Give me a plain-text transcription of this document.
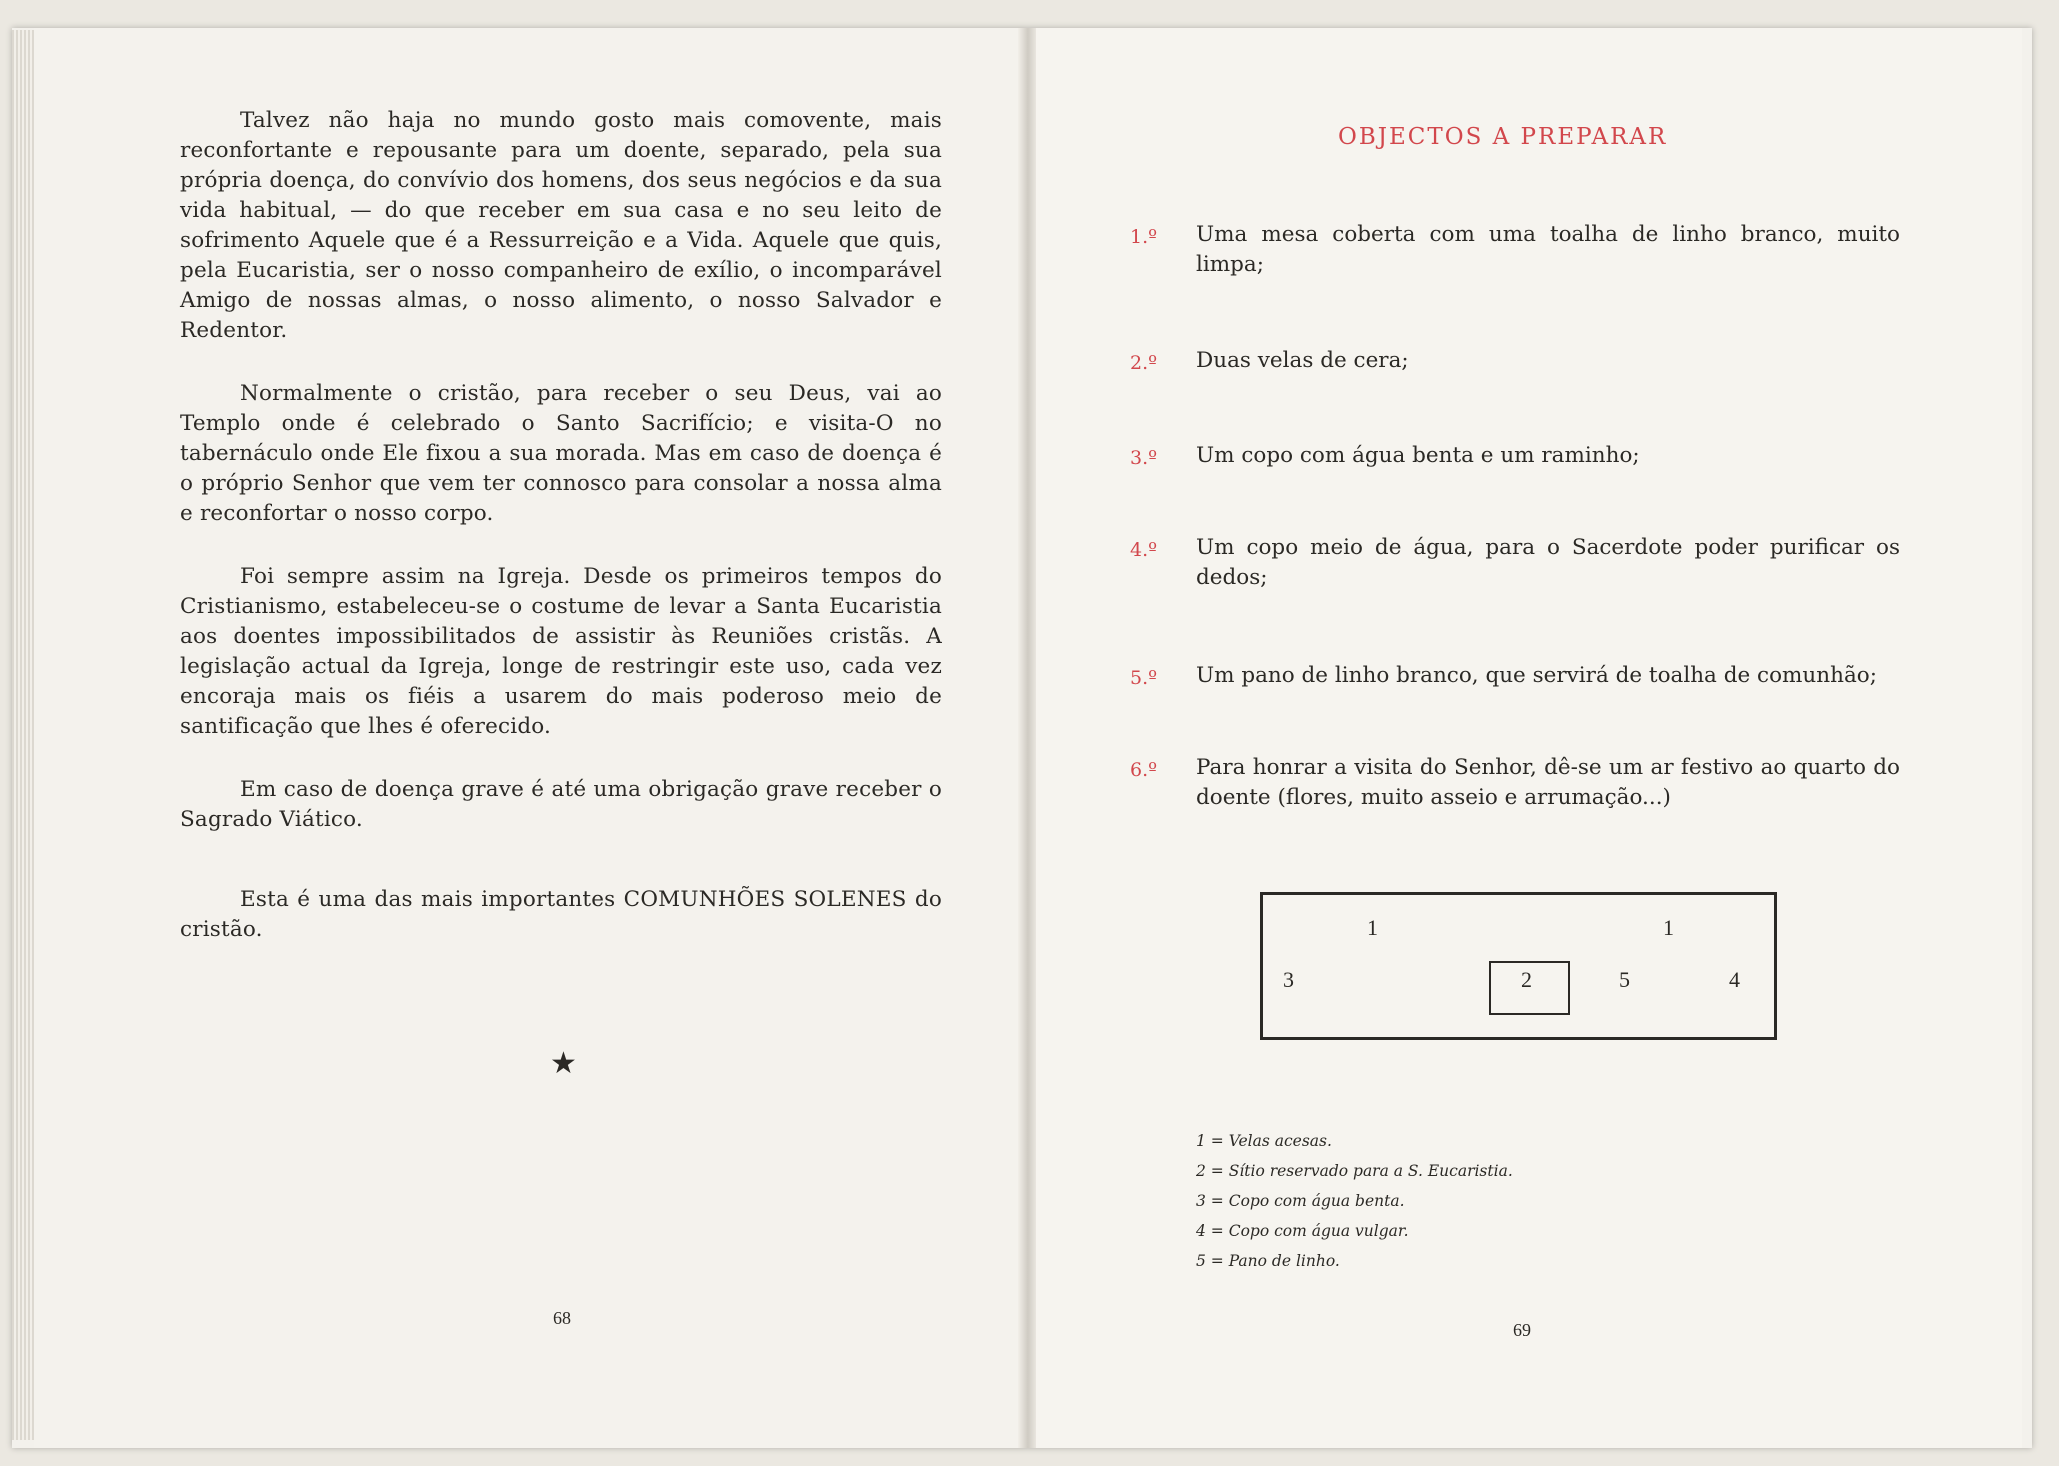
Talvez não haja no mundo gosto mais comovente, mais reconfortante e repousante para um doente, separado, pela sua própria doença, do convívio dos homens, dos seus negócios e da sua vida habitual, — do que receber em sua casa e no seu leito de sofrimento Aquele que é a Ressurreição e a Vida. Aquele que quis, pela Eucaristia, ser o nosso companheiro de exílio, o incomparável Amigo de nossas almas, o nosso alimento, o nosso Salvador e Redentor.

Normalmente o cristão, para receber o seu Deus, vai ao Templo onde é celebrado o Santo Sacrifício; e visita-O no tabernáculo onde Ele fixou a sua morada. Mas em caso de doença é o próprio Senhor que vem ter connosco para consolar a nossa alma e reconfortar o nosso corpo.

Foi sempre assim na Igreja. Desde os primeiros tempos do Cristianismo, estabeleceu-se o costume de levar a Santa Eucaristia aos doentes impossibilitados de assistir às Reuniões cristãs. A legislação actual da Igreja, longe de restringir este uso, cada vez encoraja mais os fiéis a usarem do mais poderoso meio de santificação que lhes é oferecido.

Em caso de doença grave é até uma obrigação grave receber o Sagrado Viático.

Esta é uma das mais importantes COMUNHÕES SOLENES do cristão.

★
68
OBJECTOS A PREPARAR
1.º Uma mesa coberta com uma toalha de linho branco, muito limpa;
2.º Duas velas de cera;
3.º Um copo com água benta e um raminho;
4.º Um copo meio de água, para o Sacerdote poder purificar os dedos;
5.º Um pano de linho branco, que servirá de toalha de comunhão;
6.º Para honrar a visita do Senhor, dê-se um ar festivo ao quarto do doente (flores, muito asseio e arrumação...)
1	1
3	2	5	4
1 = Velas acesas.
2 = Sítio reservado para a S. Eucaristia.
3 = Copo com água benta.
4 = Copo com água vulgar.
5 = Pano de linho.
69
